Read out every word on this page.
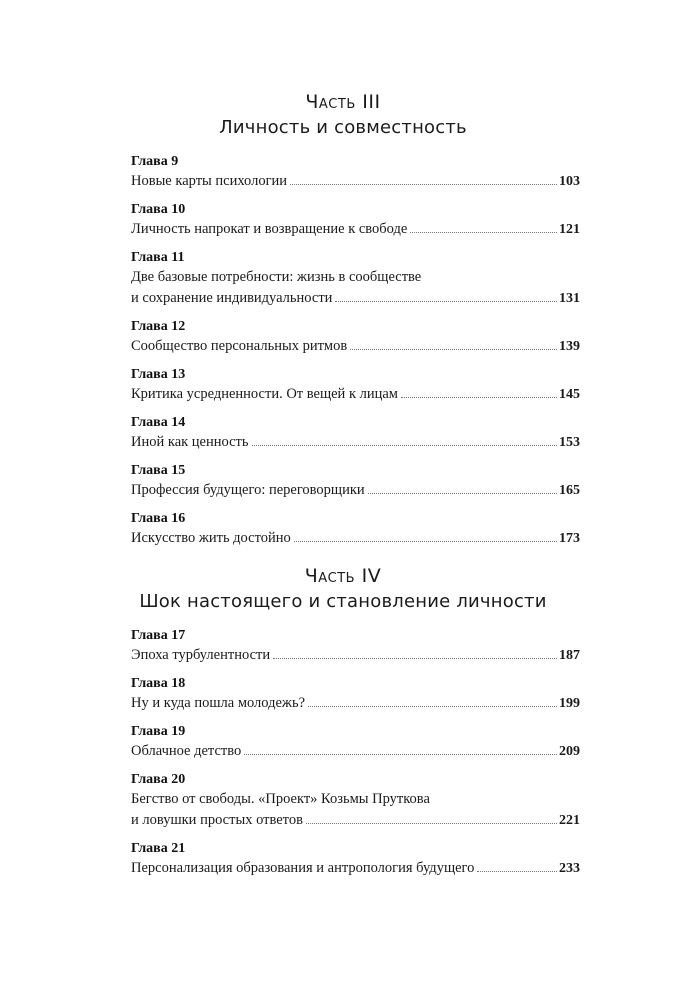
Часть III
Личность и совместность
Глава 9
Новые карты психологии	103
Глава 10
Личность напрокат и возвращение к свободе	121
Глава 11
Две базовые потребности: жизнь в сообществе
и сохранение индивидуальности	131
Глава 12
Сообщество персональных ритмов	139
Глава 13
Критика усредненности. От вещей к лицам	145
Глава 14
Иной как ценность	153
Глава 15
Профессия будущего: переговорщики	165
Глава 16
Искусство жить достойно	173
Часть IV
Шок настоящего и становление личности
Глава 17
Эпоха турбулентности	187
Глава 18
Ну и куда пошла молодежь?	199
Глава 19
Облачное детство	209
Глава 20
Бегство от свободы. «Проект» Козьмы Пруткова
и ловушки простых ответов	221
Глава 21
Персонализация образования и антропология будущего	233
